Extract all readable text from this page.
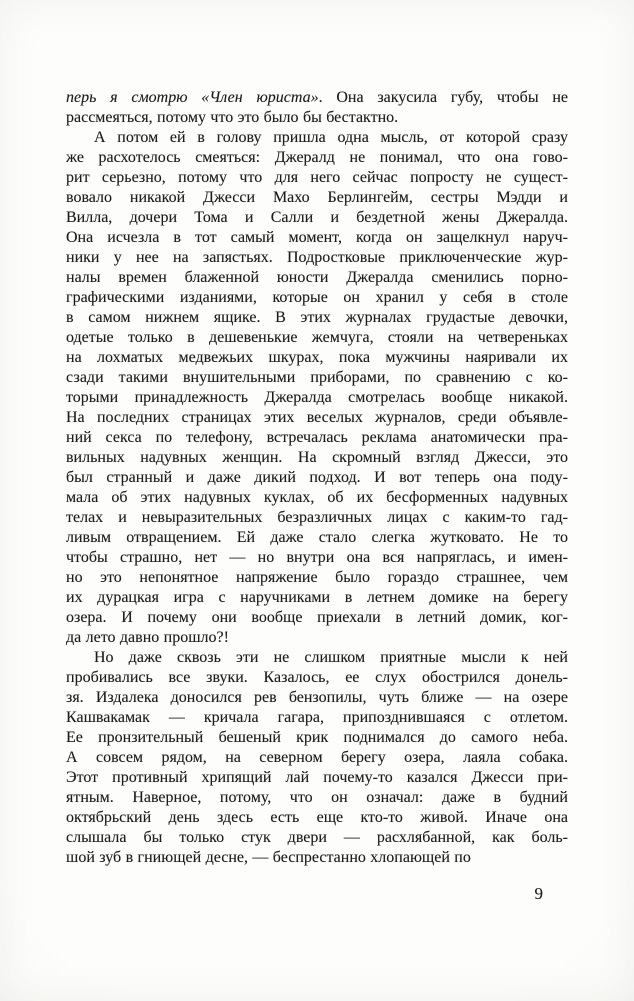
перь я смотрю «Член юриста». Она закусила губу, чтобы не
рассмеяться, потому что это было бы бестактно.
А потом ей в голову пришла одна мысль, от которой сразу
же расхотелось смеяться: Джералд не понимал, что она гово-
рит серьезно, потому что для него сейчас попросту не сущест-
вовало никакой Джесси Махо Берлингейм, сестры Мэдди и
Вилла, дочери Тома и Салли и бездетной жены Джералда.
Она исчезла в тот самый момент, когда он защелкнул наруч-
ники у нее на запястьях. Подростковые приключенческие жур-
налы времен блаженной юности Джералда сменились порно-
графическими изданиями, которые он хранил у себя в столе
в самом нижнем ящике. В этих журналах грудастые девочки,
одетые только в дешевенькие жемчуга, стояли на четвереньках
на лохматых медвежьих шкурах, пока мужчины наяривали их
сзади такими внушительными приборами, по сравнению с ко-
торыми принадлежность Джералда смотрелась вообще никакой.
На последних страницах этих веселых журналов, среди объявле-
ний секса по телефону, встречалась реклама анатомически пра-
вильных надувных женщин. На скромный взгляд Джесси, это
был странный и даже дикий подход. И вот теперь она поду-
мала об этих надувных куклах, об их бесформенных надувных
телах и невыразительных безразличных лицах с каким-то гад-
ливым отвращением. Ей даже стало слегка жутковато. Не то
чтобы страшно, нет — но внутри она вся напряглась, и имен-
но это непонятное напряжение было гораздо страшнее, чем
их дурацкая игра с наручниками в летнем домике на берегу
озера. И почему они вообще приехали в летний домик, ког-
да лето давно прошло?!
Но даже сквозь эти не слишком приятные мысли к ней
пробивались все звуки. Казалось, ее слух обострился донель-
зя. Издалека доносился рев бензопилы, чуть ближе — на озере
Кашвакамак — кричала гагара, припозднившаяся с отлетом.
Ее пронзительный бешеный крик поднимался до самого неба.
А совсем рядом, на северном берегу озера, лаяла собака.
Этот противный хрипящий лай почему-то казался Джесси при-
ятным. Наверное, потому, что он означал: даже в будний
октябрьский день здесь есть еще кто-то живой. Иначе она
слышала бы только стук двери — расхлябанной, как боль-
шой зуб в гниющей десне, — беспрестанно хлопающей по
9
